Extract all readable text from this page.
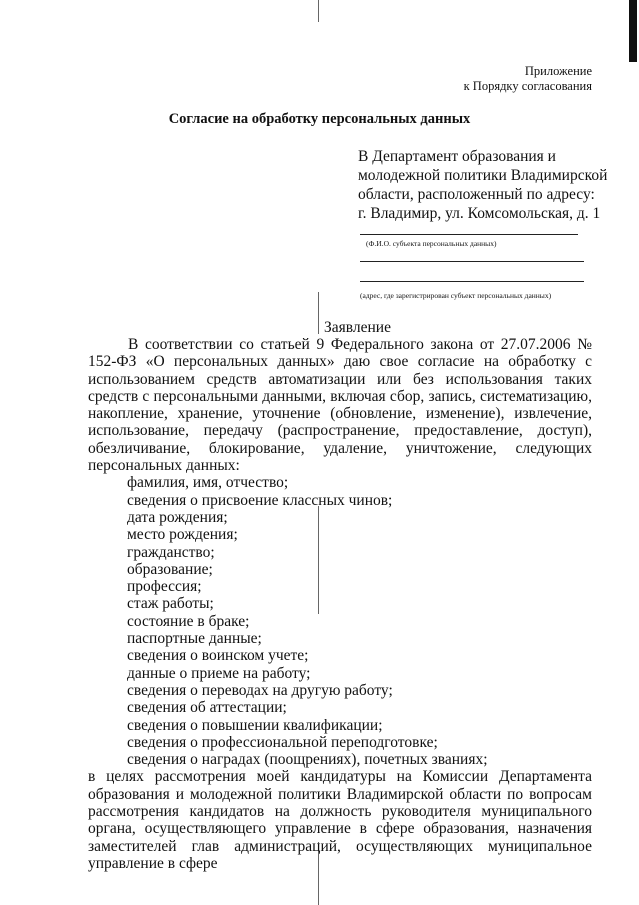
Приложение
к Порядку согласования
Согласие на обработку персональных данных
В Департамент образования и
молодежной политики Владимирской
области, расположенный по адресу:
г. Владимир, ул. Комсомольская, д. 1
(Ф.И.О. субъекта персональных данных)
(адрес, где зарегистрирован субъект персональных данных)
Заявление

В соответствии со статьей 9 Федерального закона от 27.07.2006 № 152-ФЗ «О персональных данных» даю свое согласие на обработку с использованием средств автоматизации или без использования таких средств с персональными данными, включая сбор, запись, систематизацию, накопление, хранение, уточнение (обновление, изменение), извлечение, использование, передачу (распространение, предоставление, доступ), обезличивание, блокирование, удаление, уничтожение, следующих персональных данных:

фамилия, имя, отчество;
сведения о присвоение классных чинов;
дата рождения;
место рождения;
гражданство;
образование;
профессия;
стаж работы;
состояние в браке;
паспортные данные;
сведения о воинском учете;
данные о приеме на работу;
сведения о переводах на другую работу;
сведения об аттестации;
сведения о повышении квалификации;
сведения о профессиональной переподготовке;
сведения о наградах (поощрениях), почетных званиях;

в целях рассмотрения моей кандидатуры на Комиссии Департамента образования и молодежной политики Владимирской области по вопросам рассмотрения кандидатов на должность руководителя муниципального органа, осуществляющего управление в сфере образования, назначения заместителей глав администраций, осуществляющих муниципальное управление в сфере
